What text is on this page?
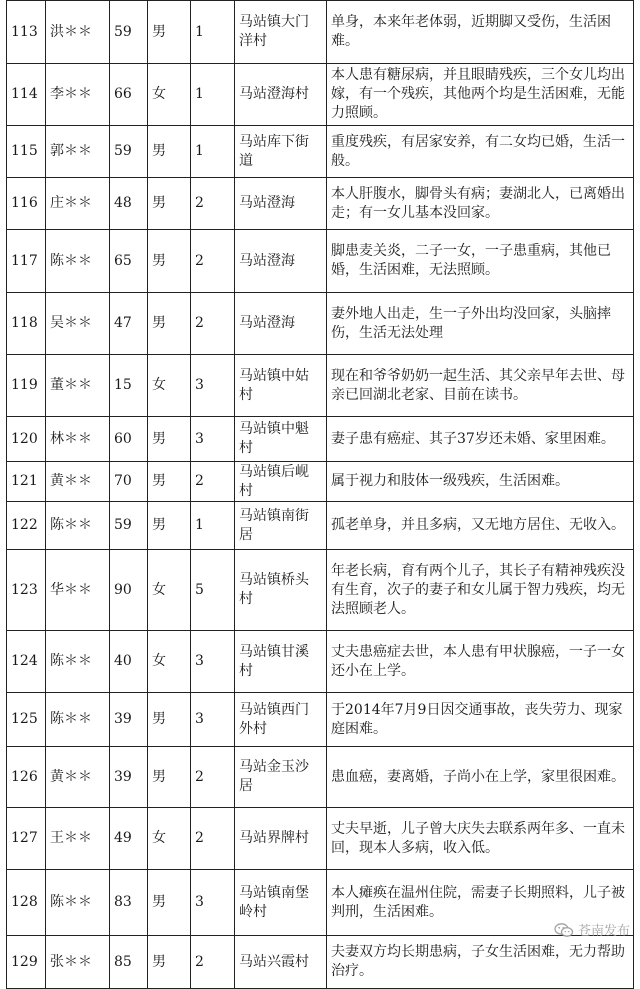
113	洪＊＊	59	男	1	马站镇大门洋村	单身，本来年老体弱，近期脚又受伤，生活困难。
114	李＊＊	66	女	1	马站澄海村	本人患有糖尿病，并且眼睛残疾，三个女儿均出嫁，有一个残疾，其他两个均是生活困难，无能力照顾。
115	郭＊＊	59	男	1	马站库下街道	重度残疾，有居家安养，有二女均已婚，生活一般。
116	庄＊＊	48	男	2	马站澄海	本人肝腹水，脚骨头有病；妻湖北人，已离婚出走；有一女儿基本没回家。
117	陈＊＊	65	男	2	马站澄海	脚患麦关炎，二子一女，一子患重病，其他已婚，生活困难，无法照顾。
118	吴＊＊	47	男	2	马站澄海	妻外地人出走，生一子外出均没回家，头脑摔伤，生活无法处理
119	董＊＊	15	女	3	马站镇中姑村	现在和爷爷奶奶一起生活、其父亲早年去世、母亲已回湖北老家、目前在读书。
120	林＊＊	60	男	3	马站镇中魁村	妻子患有癌症、其子37岁还未婚、家里困难。
121	黄＊＊	70	男	2	马站镇后岘村	属于视力和肢体一级残疾，生活困难。
122	陈＊＊	59	男	1	马站镇南街居	孤老单身，并且多病，又无地方居住、无收入。
123	华＊＊	90	女	5	马站镇桥头村	年老长病，育有两个儿子，其长子有精神残疾没有生育，次子的妻子和女儿属于智力残疾，均无法照顾老人。
124	陈＊＊	40	女	3	马站镇甘溪村	丈夫患癌症去世，本人患有甲状腺癌，一子一女还小在上学。
125	陈＊＊	39	男	3	马站镇西门外村	于2014年7月9日因交通事故，丧失劳力、现家庭困难。
126	黄＊＊	39	男	2	马站金玉沙居	患血癌，妻离婚，子尚小在上学，家里很困难。
127	王＊＊	49	女	2	马站界牌村	丈夫早逝，儿子曾大庆失去联系两年多、一直未回，现本人多病，收入低。
128	陈＊＊	83	男	3	马站镇南堡岭村	本人瘫痪在温州住院，需妻子长期照料，儿子被判刑，生活困难。
129	张＊＊	85	男	2	马站兴霞村	夫妻双方均长期患病，子女生活困难，无力帮助治疗。
苍南发布
